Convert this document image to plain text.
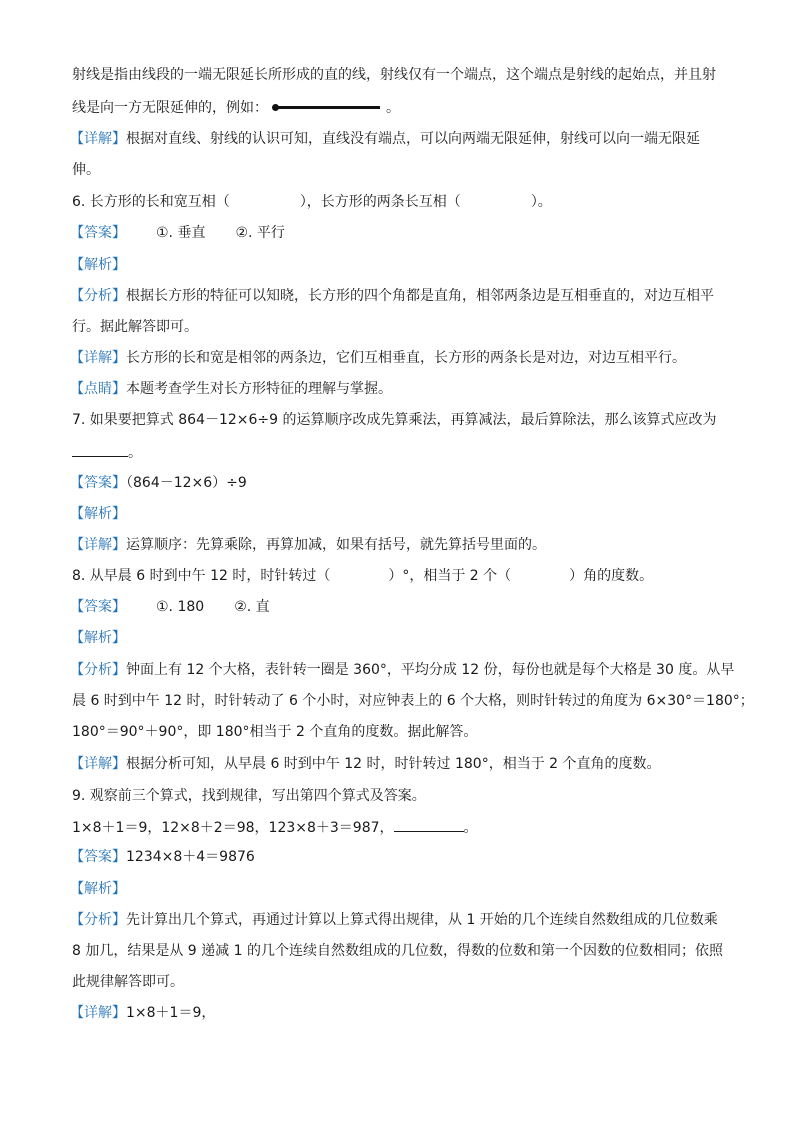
射线是指由线段的一端无限延长所形成的直的线，射线仅有一个端点，这个端点是射线的起始点，并且射
线是向一方无限延伸的，例如：	。
【详解】根据对直线、射线的认识可知，直线没有端点，可以向两端无限延伸，射线可以向一端无限延
伸。
6. 长方形的长和宽互相（	），长方形的两条长互相（	）。
【答案】 ①. 垂直 ②. 平行
【解析】
【分析】根据长方形的特征可以知晓，长方形的四个角都是直角，相邻两条边是互相垂直的，对边互相平
行。据此解答即可。
【详解】长方形的长和宽是相邻的两条边，它们互相垂直，长方形的两条长是对边，对边互相平行。
【点睛】本题考查学生对长方形特征的理解与掌握。
7. 如果要把算式 864－12×6÷9 的运算顺序改成先算乘法，再算减法，最后算除法，那么该算式应改为
。
【答案】（864－12×6）÷9
【解析】
【详解】运算顺序：先算乘除，再算加减，如果有括号，就先算括号里面的。
8. 从早晨 6 时到中午 12 时，时针转过（	）°，相当于 2 个（	）角的度数。
【答案】 ①. 180 ②. 直
【解析】
【分析】钟面上有 12 个大格，表针转一圈是 360°，平均分成 12 份，每份也就是每个大格是 30 度。从早
晨 6 时到中午 12 时，时针转动了 6 个小时，对应钟表上的 6 个大格，则时针转过的角度为 6×30°＝180°；
180°＝90°＋90°，即 180°相当于 2 个直角的度数。据此解答。
【详解】根据分析可知，从早晨 6 时到中午 12 时，时针转过 180°，相当于 2 个直角的度数。
9. 观察前三个算式，找到规律，写出第四个算式及答案。
1×8＋1＝9，12×8＋2＝98，123×8＋3＝987，	。
【答案】1234×8＋4＝9876
【解析】
【分析】先计算出几个算式，再通过计算以上算式得出规律，从 1 开始的几个连续自然数组成的几位数乘
8 加几，结果是从 9 递减 1 的几个连续自然数组成的几位数，得数的位数和第一个因数的位数相同；依照
此规律解答即可。
【详解】1×8＋1＝9，
